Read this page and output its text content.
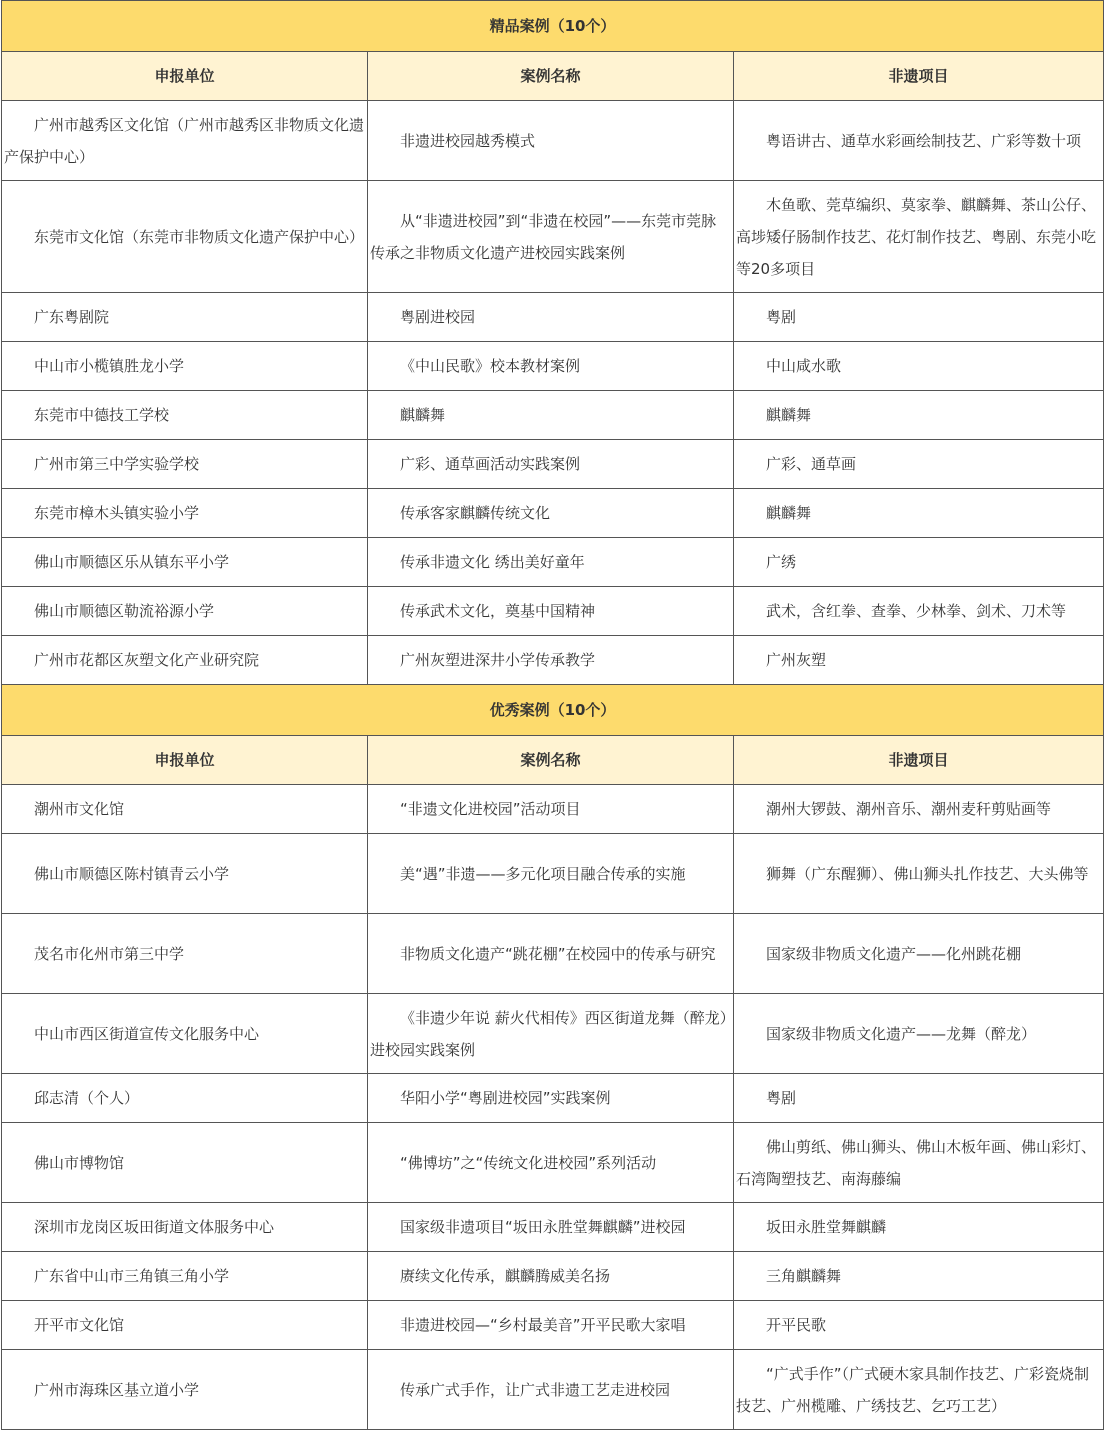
精品案例（10个）		
申报单位	案例名称	非遗项目
广州市越秀区文化馆（广州市越秀区非物质文化遗产保护中心）	非遗进校园越秀模式	粤语讲古、通草水彩画绘制技艺、广彩等数十项
东莞市文化馆（东莞市非物质文化遗产保护中心）	从“非遗进校园”到“非遗在校园”——东莞市莞脉传承之非物质文化遗产进校园实践案例	木鱼歌、莞草编织、莫家拳、麒麟舞、茶山公仔、高埗矮仔肠制作技艺、花灯制作技艺、粤剧、东莞小吃等20多项目
广东粤剧院	粤剧进校园	粤剧
中山市小榄镇胜龙小学	《中山民歌》校本教材案例	中山咸水歌
东莞市中德技工学校	麒麟舞	麒麟舞
广州市第三中学实验学校	广彩、通草画活动实践案例	广彩、通草画
东莞市樟木头镇实验小学	传承客家麒麟传统文化	麒麟舞
佛山市顺德区乐从镇东平小学	传承非遗文化 绣出美好童年	广绣
佛山市顺德区勒流裕源小学	传承武术文化，奠基中国精神	武术，含红拳、查拳、少林拳、剑术、刀术等
广州市花都区灰塑文化产业研究院	广州灰塑进深井小学传承教学	广州灰塑
优秀案例（10个）		
申报单位	案例名称	非遗项目
潮州市文化馆	“非遗文化进校园”活动项目	潮州大锣鼓、潮州音乐、潮州麦秆剪贴画等
佛山市顺德区陈村镇青云小学	美“遇”非遗——多元化项目融合传承的实施	狮舞（广东醒狮）、佛山狮头扎作技艺、大头佛等
茂名市化州市第三中学	非物质文化遗产“跳花棚”在校园中的传承与研究	国家级非物质文化遗产——化州跳花棚
中山市西区街道宣传文化服务中心	《非遗少年说 薪火代相传》西区街道龙舞（醉龙）进校园实践案例	国家级非物质文化遗产——龙舞（醉龙）
邱志清（个人）	华阳小学“粤剧进校园”实践案例	粤剧
佛山市博物馆	“佛博坊”之“传统文化进校园”系列活动	佛山剪纸、佛山狮头、佛山木板年画、佛山彩灯、石湾陶塑技艺、南海藤编
深圳市龙岗区坂田街道文体服务中心	国家级非遗项目“坂田永胜堂舞麒麟”进校园	坂田永胜堂舞麒麟
广东省中山市三角镇三角小学	赓续文化传承，麒麟腾威美名扬	三角麒麟舞
开平市文化馆	非遗进校园—“乡村最美音”开平民歌大家唱	开平民歌
广州市海珠区基立道小学	传承广式手作，让广式非遗工艺走进校园	“广式手作”（广式硬木家具制作技艺、广彩瓷烧制技艺、广州榄雕、广绣技艺、乞巧工艺）
